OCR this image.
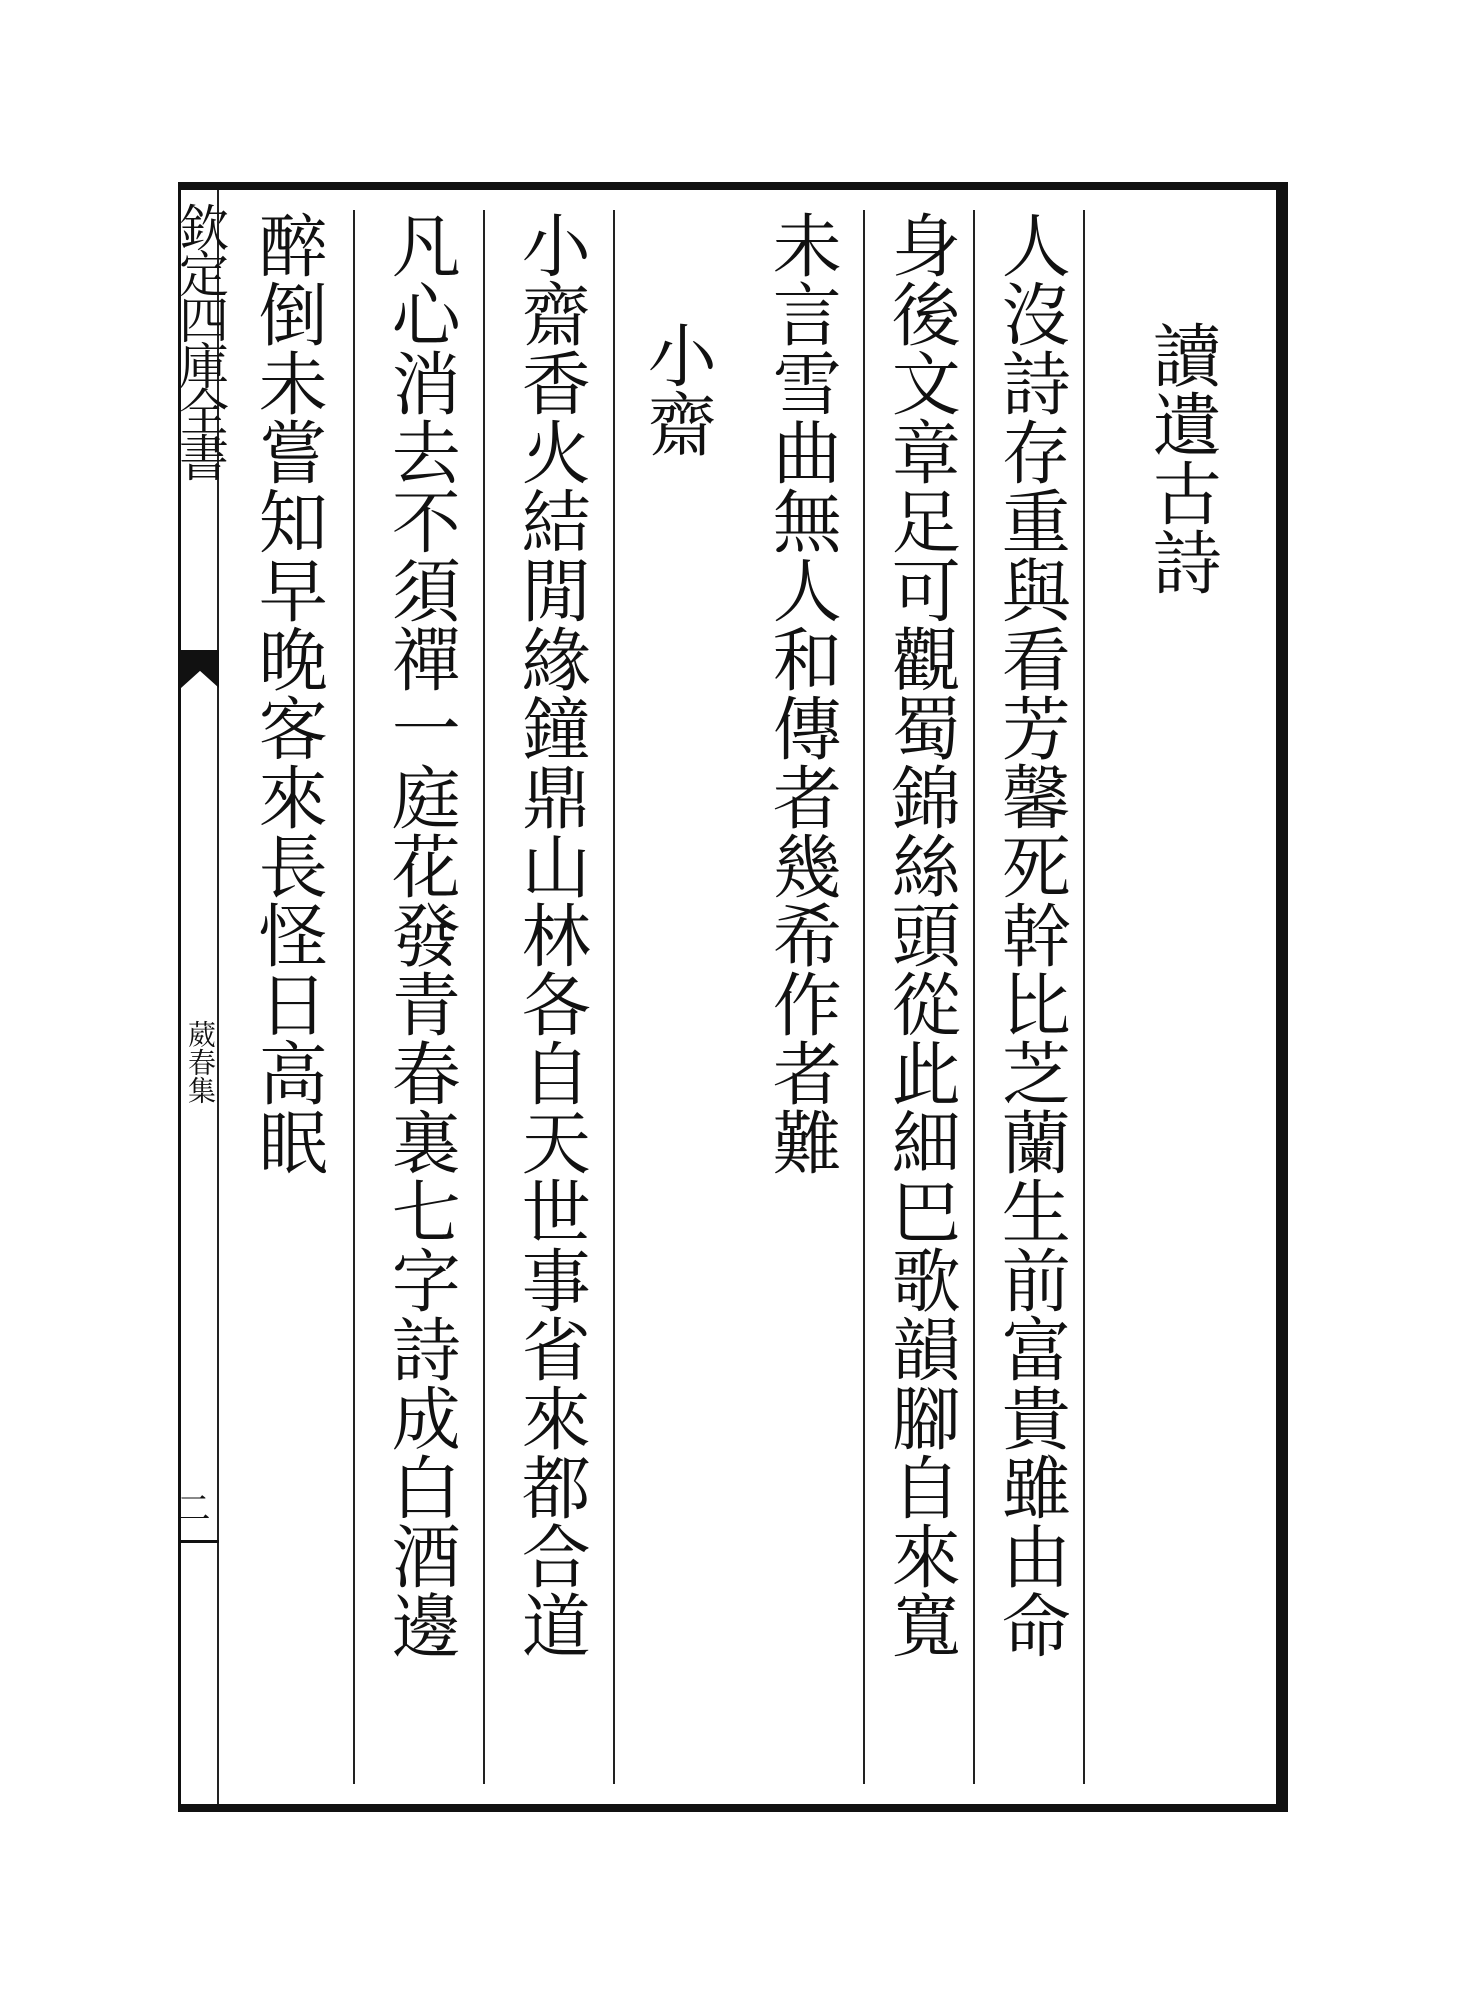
欽定四庫全書
葳春集
二
讀遺古詩
人沒詩存重與看芳馨死幹比芝蘭生前富貴雖由命
身後文章足可觀蜀錦絲頭從此細巴歌韻腳自來寬
未言雪曲無人和傳者幾希作者難
小齋
小齋香火結閒緣鐘鼎山林各自天世事省來都合道
凡心消去不須禪一庭花發青春裏七字詩成白酒邊
醉倒未嘗知早晚客來長怪日高眠
